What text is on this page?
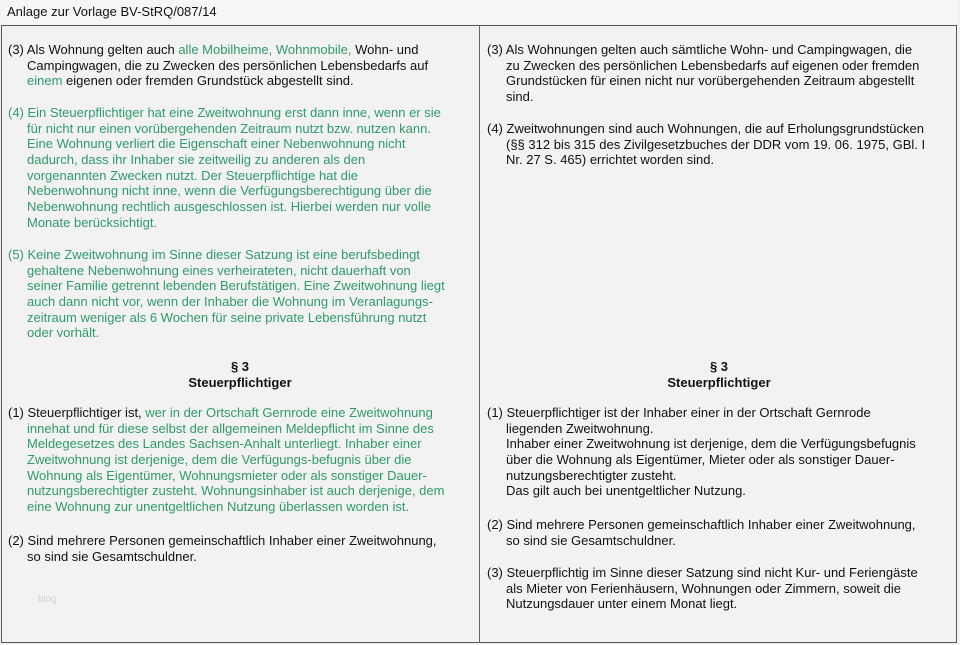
Anlage zur Vorlage BV-StRQ/087/14
(3) Als Wohnung gelten auch alle Mobilheime, Wohnmobile, Wohn- und
Campingwagen, die zu Zwecken des persönlichen Lebensbedarfs auf
einem eigenen oder fremden Grundstück abgestellt sind.
(4) Ein Steuerpflichtiger hat eine Zweitwohnung erst dann inne, wenn er sie
für nicht nur einen vorübergehenden Zeitraum nutzt bzw. nutzen kann.
Eine Wohnung verliert die Eigenschaft einer Nebenwohnung nicht
dadurch, dass ihr Inhaber sie zeitweilig zu anderen als den
vorgenannten Zwecken nutzt. Der Steuerpflichtige hat die
Nebenwohnung nicht inne, wenn die Verfügungsberechtigung über die
Nebenwohnung rechtlich ausgeschlossen ist. Hierbei werden nur volle
Monate berücksichtigt.
(5) Keine Zweitwohnung im Sinne dieser Satzung ist eine berufsbedingt
gehaltene Nebenwohnung eines verheirateten, nicht dauerhaft von
seiner Familie getrennt lebenden Berufstätigen. Eine Zweitwohnung liegt
auch dann nicht vor, wenn der Inhaber die Wohnung im Veranlagungs-
zeitraum weniger als 6 Wochen für seine private Lebensführung nutzt
oder vorhält.
§ 3
Steuerpflichtiger
(1) Steuerpflichtiger ist, wer in der Ortschaft Gernrode eine Zweitwohnung
innehat und für diese selbst der allgemeinen Meldepflicht im Sinne des
Meldegesetzes des Landes Sachsen-Anhalt unterliegt. Inhaber einer
Zweitwohnung ist derjenige, dem die Verfügungs-befugnis über die
Wohnung als Eigentümer, Wohnungsmieter oder als sonstiger Dauer-
nutzungsberechtigter zusteht. Wohnungsinhaber ist auch derjenige, dem
eine Wohnung zur unentgeltlichen Nutzung überlassen worden ist.
(2) Sind mehrere Personen gemeinschaftlich Inhaber einer Zweitwohnung,
so sind sie Gesamtschuldner.
blog
(3) Als Wohnungen gelten auch sämtliche Wohn- und Campingwagen, die
zu Zwecken des persönlichen Lebensbedarfs auf eigenen oder fremden
Grundstücken für einen nicht nur vorübergehenden Zeitraum abgestellt
sind.
(4) Zweitwohnungen sind auch Wohnungen, die auf Erholungsgrundstücken
(§§ 312 bis 315 des Zivilgesetzbuches der DDR vom 19. 06. 1975, GBl. I
Nr. 27 S. 465) errichtet worden sind.
§ 3
Steuerpflichtiger
(1) Steuerpflichtiger ist der Inhaber einer in der Ortschaft Gernrode
liegenden Zweitwohnung.
Inhaber einer Zweitwohnung ist derjenige, dem die Verfügungsbefugnis
über die Wohnung als Eigentümer, Mieter oder als sonstiger Dauer-
nutzungsberechtigter zusteht.
Das gilt auch bei unentgeltlicher Nutzung.
(2) Sind mehrere Personen gemeinschaftlich Inhaber einer Zweitwohnung,
so sind sie Gesamtschuldner.
(3) Steuerpflichtig im Sinne dieser Satzung sind nicht Kur- und Feriengäste
als Mieter von Ferienhäusern, Wohnungen oder Zimmern, soweit die
Nutzungsdauer unter einem Monat liegt.
